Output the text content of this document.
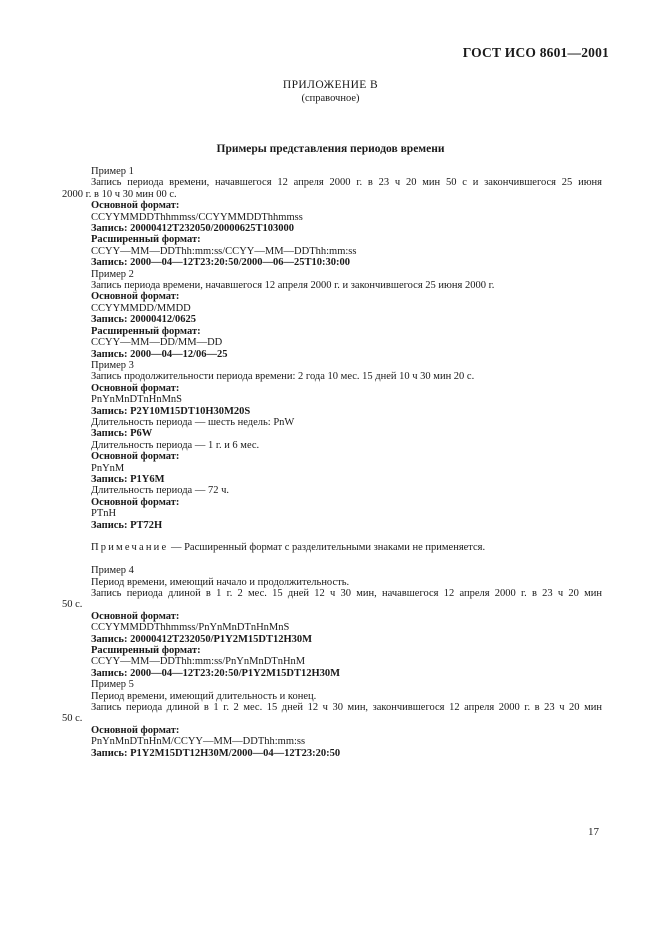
ГОСТ ИСО 8601—2001
ПРИЛОЖЕНИЕ В
(справочное)
Примеры представления периодов времени
Пример 1
Запись периода времени, начавшегося 12 апреля 2000 г. в 23 ч 20 мин 50 с и закончившегося 25 июня
2000 г. в 10 ч 30 мин 00 с.
Основной формат:
CCYYMMDDThhmmss/CCYYMMDDThhmmss
Запись: 20000412T232050/20000625T103000
Расширенный формат:
CCYY—MM—DDThh:mm:ss/CCYY—MM—DDThh:mm:ss
Запись: 2000—04—12T23:20:50/2000—06—25T10:30:00
Пример 2
Запись периода времени, начавшегося 12 апреля 2000 г. и закончившегося 25 июня 2000 г.
Основной формат:
CCYYMMDD/MMDD
Запись: 20000412/0625
Расширенный формат:
CCYY—MM—DD/MM—DD
Запись: 2000—04—12/06—25
Пример 3
Запись продолжительности периода времени: 2 года 10 мес. 15 дней 10 ч 30 мин 20 с.
Основной формат:
PnYnMnDTnHnMnS
Запись: P2Y10M15DT10H30M20S
Длительность периода — шесть недель: PnW
Запись: P6W
Длительность периода — 1 г. и 6 мес.
Основной формат:
PnYnM
Запись: P1Y6M
Длительность периода — 72 ч.
Основной формат:
PTnH
Запись: PT72H
Примечание — Расширенный формат с разделительными знаками не применяется.
Пример 4
Период времени, имеющий начало и продолжительность.
Запись периода длиной в 1 г. 2 мес. 15 дней 12 ч 30 мин, начавшегося 12 апреля 2000 г. в 23 ч 20 мин
50 с.
Основной формат:
CCYYMMDDThhmmss/PnYnMnDTnHnMnS
Запись: 20000412T232050/P1Y2M15DT12H30M
Расширенный формат:
CCYY—MM—DDThh:mm:ss/PnYnMnDTnHnM
Запись: 2000—04—12T23:20:50/P1Y2M15DT12H30M
Пример 5
Период времени, имеющий длительность и конец.
Запись периода длиной в 1 г. 2 мес. 15 дней 12 ч 30 мин, закончившегося 12 апреля 2000 г. в 23 ч 20 мин
50 с.
Основной формат:
PnYnMnDTnHnM/CCYY—MM—DDThh:mm:ss
Запись: P1Y2M15DT12H30M/2000—04—12T23:20:50
17
